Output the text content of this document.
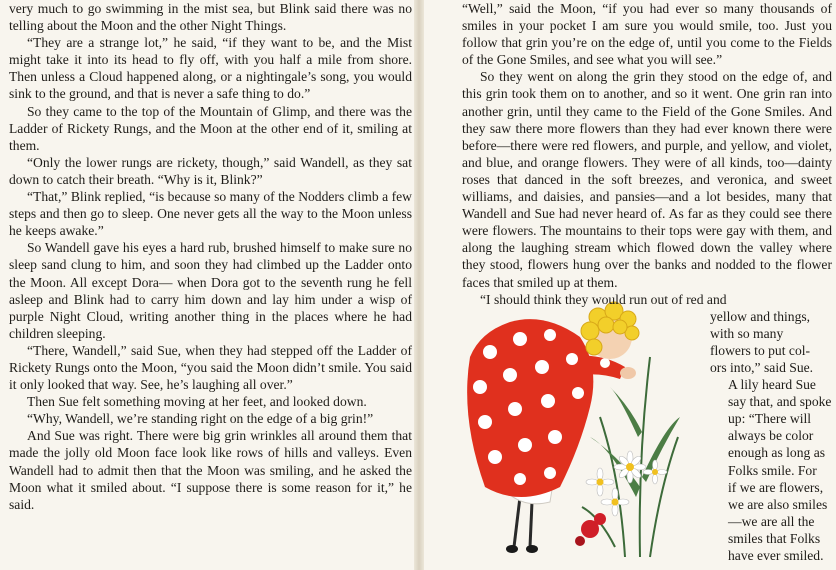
very much to go swimming in the mist sea, but Blink said there was no telling about the Moon and the other Night Things.

“They are a strange lot,” he said, “if they want to be, and the Mist might take it into its head to fly off, with you half a mile from shore. Then unless a Cloud happened along, or a nightingale’s song, you would sink to the ground, and that is never a safe thing to do.”

So they came to the top of the Mountain of Glimp, and there was the Ladder of Rickety Rungs, and the Moon at the other end of it, smiling at them.

“Only the lower rungs are rickety, though,” said Wandell, as they sat down to catch their breath. “Why is it, Blink?”

“That,” Blink replied, “is because so many of the Nodders climb a few steps and then go to sleep. One never gets all the way to the Moon unless he keeps awake.”

So Wandell gave his eyes a hard rub, brushed himself to make sure no sleep sand clung to him, and soon they had climbed up the Ladder onto the Moon. All except Dora— when Dora got to the seventh rung he fell asleep and Blink had to carry him down and lay him under a wisp of purple Night Cloud, writing another thing in the places where he had children sleeping.

“There, Wandell,” said Sue, when they had stepped off the Ladder of Rickety Rungs onto the Moon, “you said the Moon didn’t smile. You said it only looked that way. See, he’s laughing all over.”

Then Sue felt something moving at her feet, and looked down.

“Why, Wandell, we’re standing right on the edge of a big grin!”

And Sue was right. There were big grin wrinkles all around them that made the jolly old Moon face look like rows of hills and valleys. Even Wandell had to admit then that the Moon was smiling, and he asked the Moon what it smiled about. “I suppose there is some reason for it,” he said.

“Well,” said the Moon, “if you had ever so many thousands of smiles in your pocket I am sure you would smile, too. Just you follow that grin you’re on the edge of, until you come to the Fields of the Gone Smiles, and see what you will see.”

So they went on along the grin they stood on the edge of, and this grin took them on to another, and so it went. One grin ran into another grin, until they came to the Field of the Gone Smiles. And they saw there more flowers than they had ever known there were before—there were red flowers, and purple, and yellow, and violet, and blue, and orange flowers. They were of all kinds, too—dainty roses that danced in the soft breezes, and veronica, and sweet williams, and daisies, and pansies—and a lot besides, many that Wandell and Sue had never heard of. As far as they could see there were flowers. The mountains to their tops were gay with them, and along the laughing stream which flowed down the valley where they stood, flowers hung over the banks and nodded to the flower faces that smiled up at them.

“I should think they would run out of red and
yellow and things,
with so many
flowers to put col-
ors into,” said Sue.
A lily heard Sue
say that, and spoke
up: “There will
always be color
enough as long as
Folks smile. For
if we are flowers,
we are also smiles
—we are all the
smiles that Folks
have ever smiled.
